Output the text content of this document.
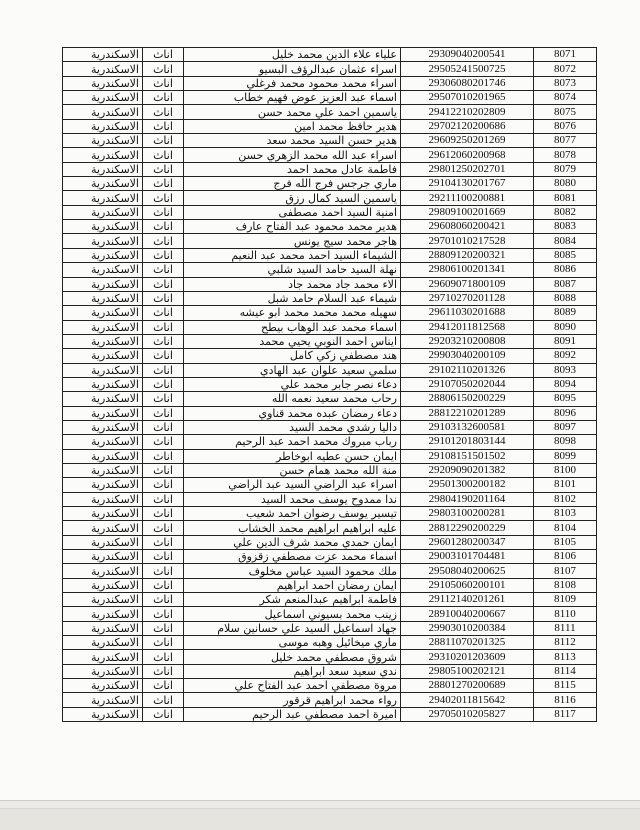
الاسكندرية	اناث	علياء علاء الدين محمد خليل	29309040200541	8071
الاسكندرية	اناث	اسراء عثمان عبدالرؤف البسيو	29505241500725	8072
الاسكندرية	اناث	اسراء محمد محمود محمد فرغلي	29306080201746	8073
الاسكندرية	اناث	اسماء عبد العزيز عوض فهيم خطاب	29507010201965	8074
الاسكندرية	اناث	ياسمين احمد علي محمد حسن	29412210202809	8075
الاسكندرية	اناث	هدير حافظ محمد امين	29702120200686	8076
الاسكندرية	اناث	هدير حسن السيد محمد سعد	29609250201269	8077
الاسكندرية	اناث	اسراء عبد الله محمد الزهري حسن	29612060200968	8078
الاسكندرية	اناث	فاطمة عادل محمد احمد	29801250202701	8079
الاسكندرية	اناث	ماري جرجس فرج الله فرج	29104130201767	8080
الاسكندرية	اناث	ياسمين السيد كمال رزق	29211100200881	8081
الاسكندرية	اناث	امنية السيد احمد مصطفى	29809100201669	8082
الاسكندرية	اناث	هدير محمد محمود عبد الفتاح عارف	29608060200421	8083
الاسكندرية	اناث	هاجر محمد سيج يونس	29701010217528	8084
الاسكندرية	اناث	الشيماء السيد احمد محمد عبد النعيم	28809120200321	8085
الاسكندرية	اناث	نهلة السيد حامد السيد شلبي	29806100201341	8086
الاسكندرية	اناث	الاء محمد جاد محمد جاد	29609071800109	8087
الاسكندرية	اناث	شيماء عبد السلام حامد شبل	29710270201128	8088
الاسكندرية	اناث	سهيله محمد محمد محمد ابو عيشه	29611030201688	8089
الاسكندرية	اناث	اسماء محمد عبد الوهاب بيطح	29412011812568	8090
الاسكندرية	اناث	ايناس احمد النوبي يحيي محمد	29203210200808	8091
الاسكندرية	اناث	هند مصطفي زكي كامل	29903040200109	8092
الاسكندرية	اناث	سلمي سعيد علوان عبد الهادي	29102110201326	8093
الاسكندرية	اناث	دعاء نصر جابر محمد علي	29107050202044	8094
الاسكندرية	اناث	رحاب محمد سعيد نعمه الله	28806150200229	8095
الاسكندرية	اناث	دعاء رمضان عبده محمد قناوي	28812210201289	8096
الاسكندرية	اناث	داليا رشدي محمد السيد	29103132600581	8097
الاسكندرية	اناث	رباب مبروك محمد احمد عبد الرحيم	29101201803144	8098
الاسكندرية	اناث	ايمان حسن عطيه ابوخاطر	29108151501502	8099
الاسكندرية	اناث	منة الله محمد همام حسن	29209090201382	8100
الاسكندرية	اناث	اسراء عبد الراضي السيد عبد الراضي	29501300200182	8101
الاسكندرية	اناث	ندا ممدوح يوسف محمد السيد	29804190201164	8102
الاسكندرية	اناث	تيسير يوسف رضوان احمد شعيب	29803100200281	8103
الاسكندرية	اناث	عليه ابراهيم ابراهيم محمد الخشاب	28812290200229	8104
الاسكندرية	اناث	ايمان حمدي محمد شرف الدين علي	29601280200347	8105
الاسكندرية	اناث	اسماء محمد عزت مصطفي زقزوق	29003101704481	8106
الاسكندرية	اناث	ملك محمود السيد عباس مخلوف	29508040200625	8107
الاسكندرية	اناث	ايمان رمضان احمد ابراهيم	29105060200101	8108
الاسكندرية	اناث	فاطمة ابراهيم عبدالمنعم شكر	29112140201261	8109
الاسكندرية	اناث	زينب محمد بسيوني اسماعيل	28910040200667	8110
الاسكندرية	اناث	جهاد اسماعيل السيد علي حسانين سلام	29903010200384	8111
الاسكندرية	اناث	ماري ميخائيل وهبه موسى	28811070201325	8112
الاسكندرية	اناث	شروق مصطفي محمد خليل	29310201203609	8113
الاسكندرية	اناث	ندي سعيد سعد ابراهيم	29805100202121	8114
الاسكندرية	اناث	مروة مصطفي احمد عبد الفتاح علي	28801270200689	8115
الاسكندرية	اناث	رواء محمد ابراهيم قرقور	29402011815642	8116
الاسكندرية	اناث	اميرة احمد مصطفي عبد الرحيم	29705010205827	8117
